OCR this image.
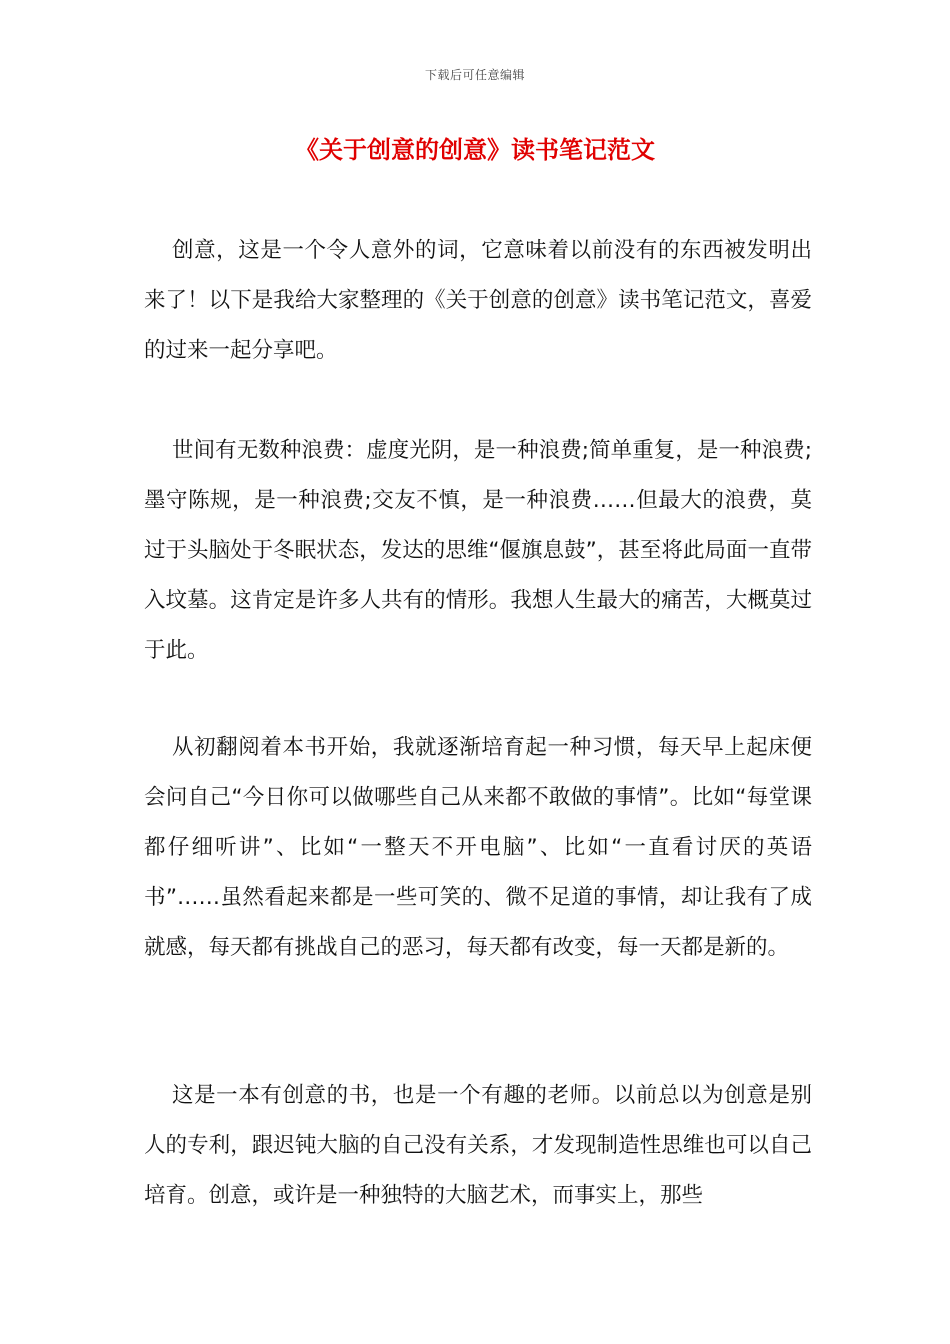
下载后可任意编辑
《关于创意的创意》读书笔记范文

创意，这是一个令人意外的词，它意味着以前没有的东西被发明出来了！以下是我给大家整理的《关于创意的创意》读书笔记范文，喜爱的过来一起分享吧。

世间有无数种浪费：虚度光阴，是一种浪费;简单重复，是一种浪费;墨守陈规，是一种浪费;交友不慎，是一种浪费……但最大的浪费，莫过于头脑处于冬眠状态，发达的思维“偃旗息鼓”，甚至将此局面一直带入坟墓。这肯定是许多人共有的情形。我想人生最大的痛苦，大概莫过于此。

从初翻阅着本书开始，我就逐渐培育起一种习惯，每天早上起床便会问自己“今日你可以做哪些自己从来都不敢做的事情”。比如“每堂课都仔细听讲”、比如“一整天不开电脑”、比如“一直看讨厌的英语书”……虽然看起来都是一些可笑的、微不足道的事情，却让我有了成就感，每天都有挑战自己的恶习，每天都有改变，每一天都是新的。

这是一本有创意的书，也是一个有趣的老师。以前总以为创意是别人的专利，跟迟钝大脑的自己没有关系，才发现制造性思维也可以自己培育。创意，或许是一种独特的大脑艺术，而事实上，那些
